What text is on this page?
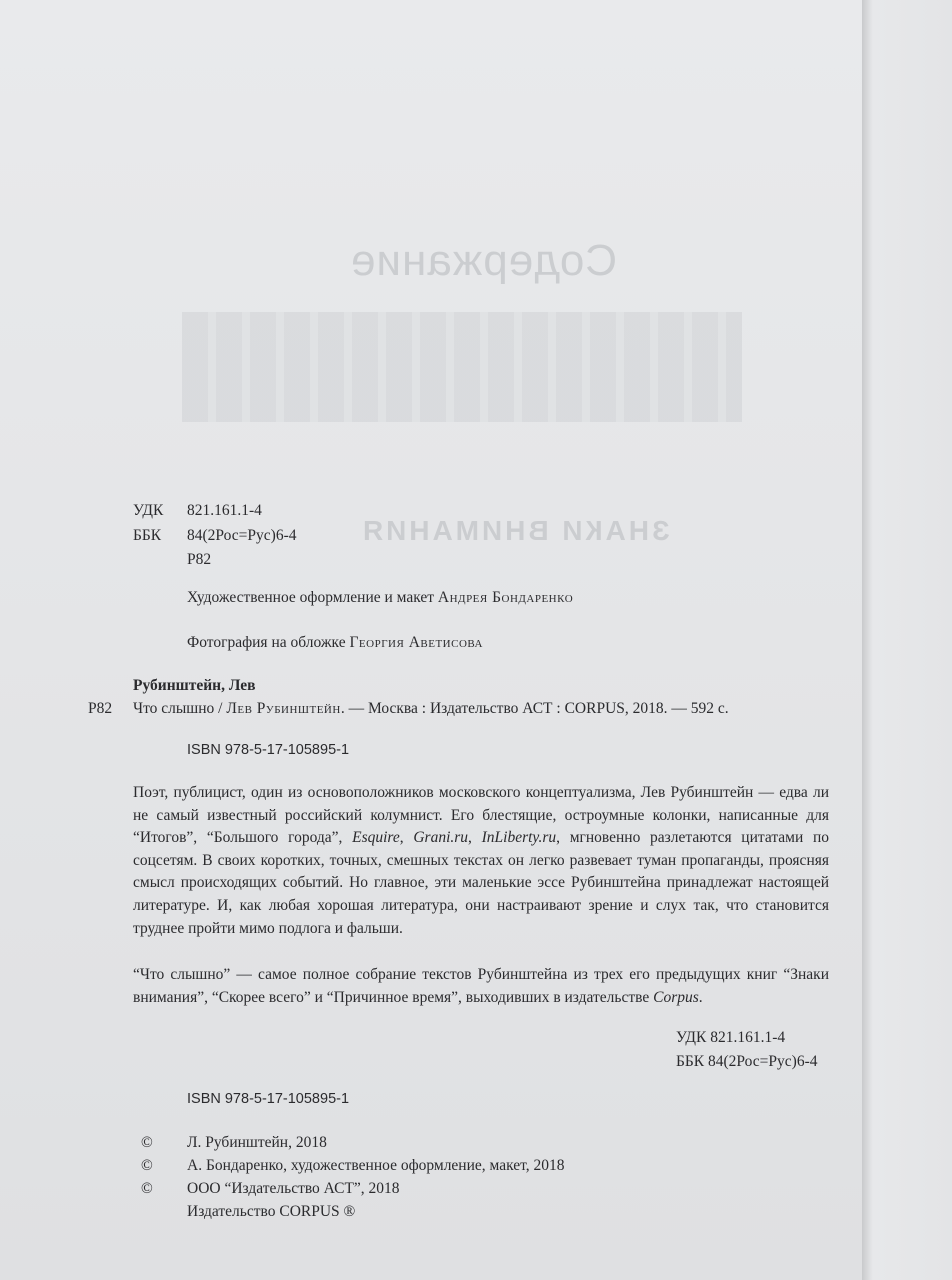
Содержание
ЗНАКИ ВНИМАНИЯ
УДК 821.161.1-4
ББК 84(2Рос=Рус)6-4
Р82
Художественное оформление и макет Андрея Бондаренко
Фотография на обложке Георгия Аветисова
Рубинштейн, Лев
Р82 Что слышно / Лев Рубинштейн. — Москва : Издательство АСТ : CORPUS, 2018. — 592 с.
ISBN 978-5-17-105895-1
Поэт, публицист, один из основоположников московского концептуализма, Лев Рубинштейн — едва ли не самый известный российский колумнист. Его блестящие, остроумные колонки, написанные для “Итогов”, “Большого города”, Esquire, Grani.ru, InLiberty.ru, мгновенно разлетаются цитатами по соцсетям. В своих коротких, точных, смешных текстах он легко развевает туман пропаганды, проясняя смысл происходящих событий. Но главное, эти маленькие эссе Рубинштейна принадлежат настоящей литературе. И, как любая хорошая литература, они настраивают зрение и слух так, что становится труднее пройти мимо подлога и фальши.
“Что слышно” — самое полное собрание текстов Рубинштейна из трех его предыдущих книг “Знаки внимания”, “Скорее всего” и “Причинное время”, выходивших в издательстве Corpus.
УДК 821.161.1-4
ББК 84(2Рос=Рус)6-4
ISBN 978-5-17-105895-1
© Л. Рубинштейн, 2018
© А. Бондаренко, художественное оформление, макет, 2018
© ООО “Издательство АСТ”, 2018
Издательство CORPUS ®
